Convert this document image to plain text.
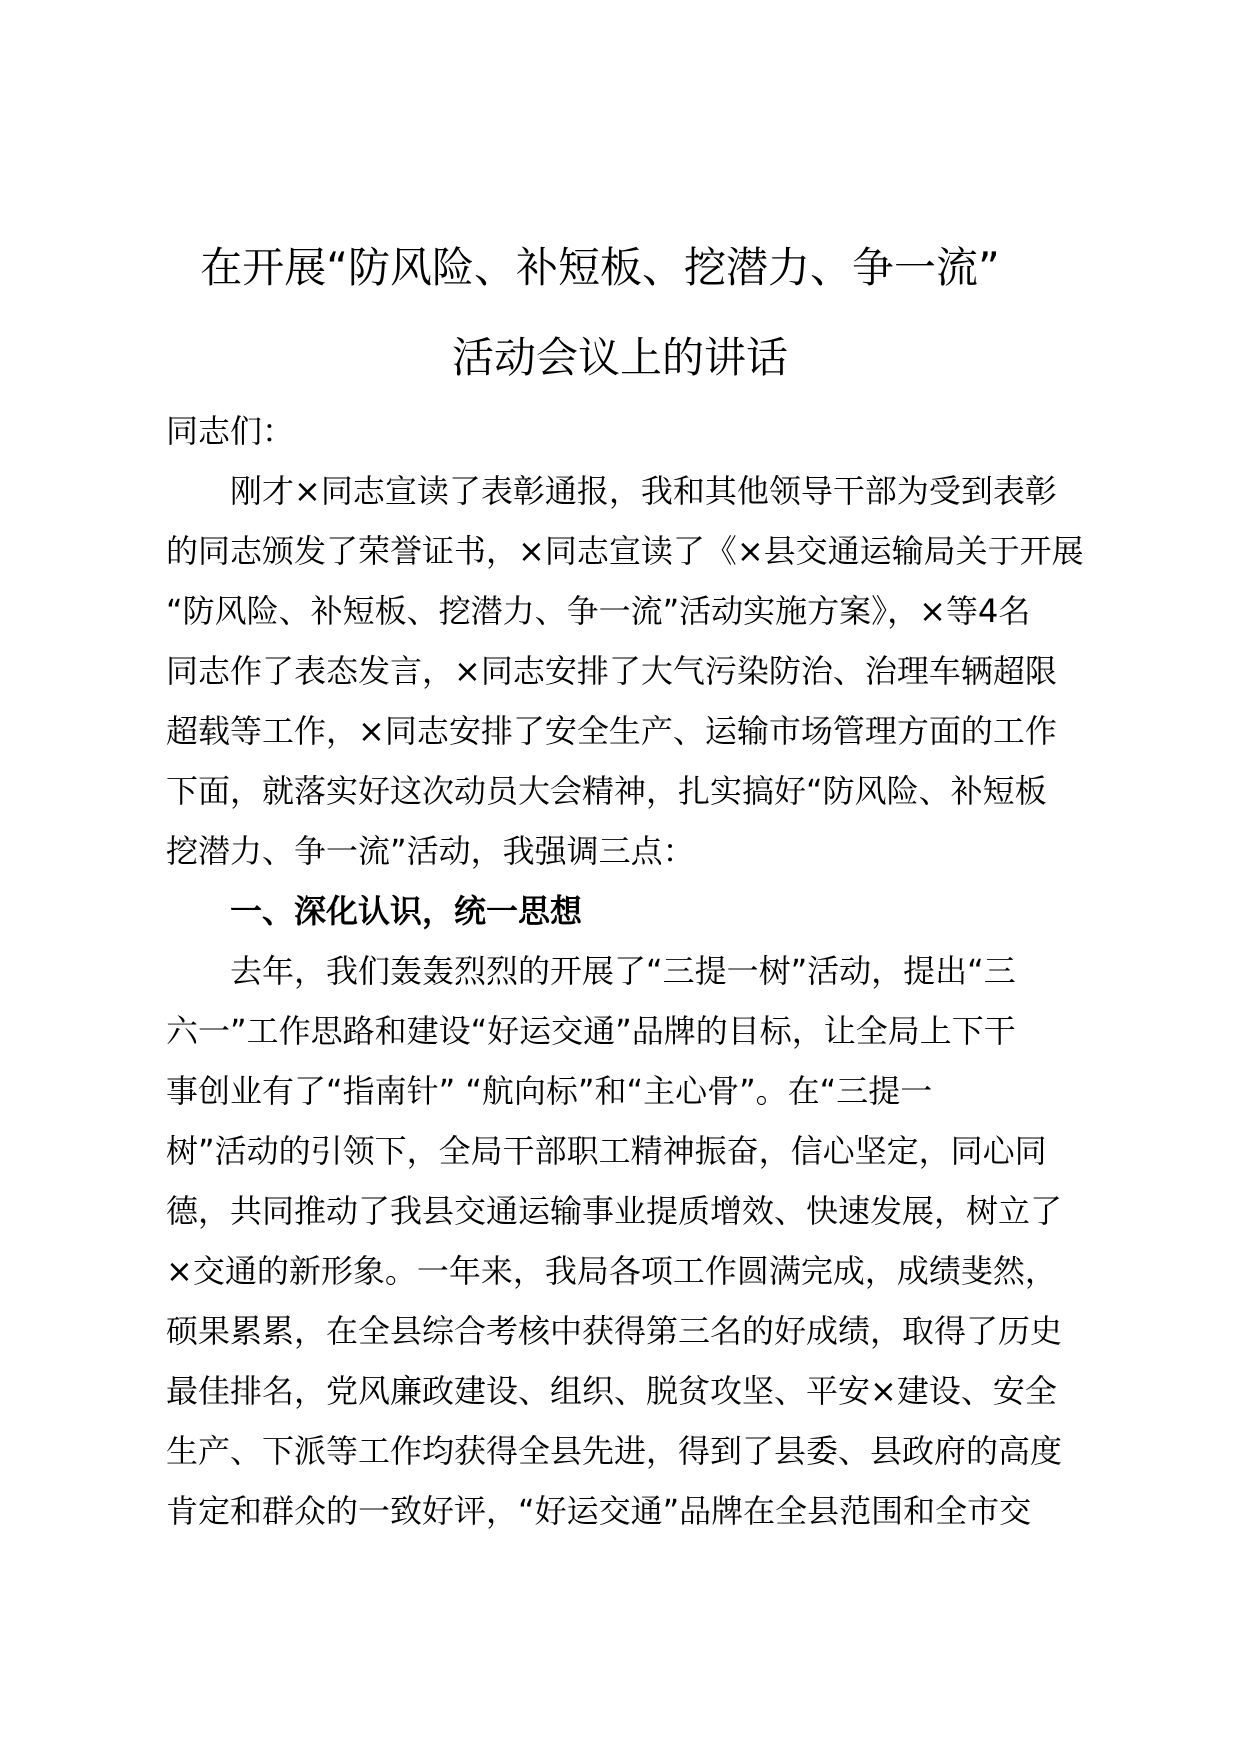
在开展“防风险、补短板、挖潜力、争一流”
活动会议上的讲话
同志们：
　　刚才×同志宣读了表彰通报，我和其他领导干部为受到表彰
的同志颁发了荣誉证书，×同志宣读了《×县交通运输局关于开展
“防风险、补短板、挖潜力、争一流”活动实施方案》，×等4名
同志作了表态发言，×同志安排了大气污染防治、治理车辆超限
超载等工作，×同志安排了安全生产、运输市场管理方面的工作
下面，就落实好这次动员大会精神，扎实搞好“防风险、补短板
挖潜力、争一流”活动，我强调三点：
　　一、深化认识，统一思想
　　去年，我们轰轰烈烈的开展了“三提一树”活动，提出“三
六一”工作思路和建设“好运交通”品牌的目标，让全局上下干
事创业有了“指南针” “航向标”和“主心骨”。在“三提一
树”活动的引领下，全局干部职工精神振奋，信心坚定，同心同
德，共同推动了我县交通运输事业提质增效、快速发展，树立了
×交通的新形象。一年来，我局各项工作圆满完成，成绩斐然，
硕果累累，在全县综合考核中获得第三名的好成绩，取得了历史
最佳排名，党风廉政建设、组织、脱贫攻坚、平安×建设、安全
生产、下派等工作均获得全县先进，得到了县委、县政府的高度
肯定和群众的一致好评，“好运交通”品牌在全县范围和全市交
